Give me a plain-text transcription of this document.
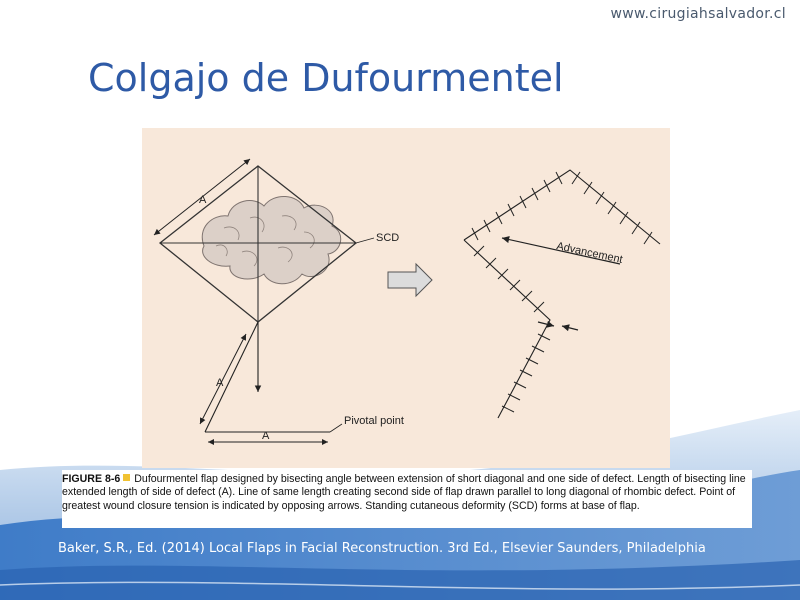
www.cirugiahsalvador.cl
Colgajo de Dufourmentel
A
SCD
A
A
Pivotal point
Advancement
FIGURE 8-6 Dufourmentel flap designed by bisecting angle between extension of short diagonal and one side of defect. Length of bisecting line extended length of side of defect (A). Line of same length creating second side of flap drawn parallel to long diagonal of rhombic defect. Point of greatest wound closure tension is indicated by opposing arrows. Standing cutaneous deformity (SCD) forms at base of flap.
Baker, S.R., Ed. (2014) Local Flaps in Facial Reconstruction. 3rd Ed., Elsevier Saunders, Philadelphia
